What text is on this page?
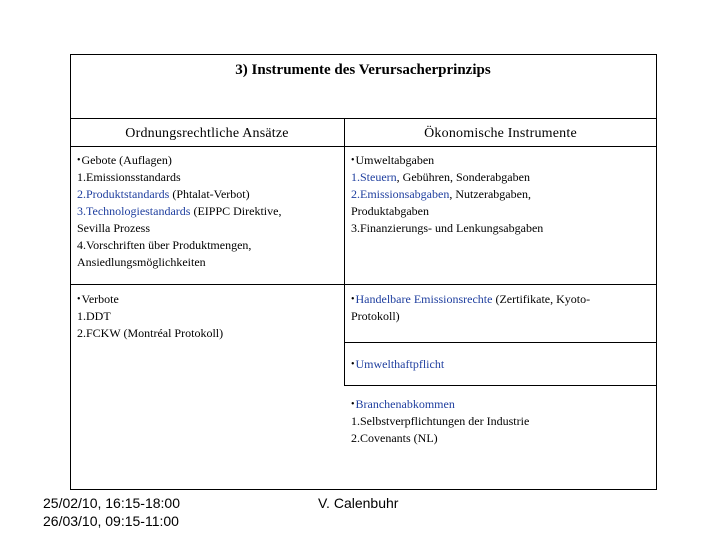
3) Instrumente des Verursacherprinzips
Ordnungsrechtliche Ansätze	Ökonomische Instrumente
•Gebote (Auflagen)
1.Emissionsstandards
2.Produktstandards (Phtalat-Verbot)
3.Technologiestandards (EIPPC Direktive,
Sevilla Prozess
4.Vorschriften über Produktmengen,
Ansiedlungsmöglichkeiten
•Umweltabgaben
1.Steuern, Gebühren, Sonderabgaben
2.Emissionsabgaben, Nutzerabgaben,
Produktabgaben
3.Finanzierungs- und Lenkungsabgaben
•Verbote
1.DDT
2.FCKW (Montréal Protokoll)
•Handelbare Emissionsrechte (Zertifikate, Kyoto-
Protokoll)
•Umwelthaftpflicht
•Branchenabkommen
1.Selbstverpflichtungen der Industrie
2.Covenants (NL)
25/02/10, 16:15-18:00
26/03/10, 09:15-11:00
V. Calenbuhr
